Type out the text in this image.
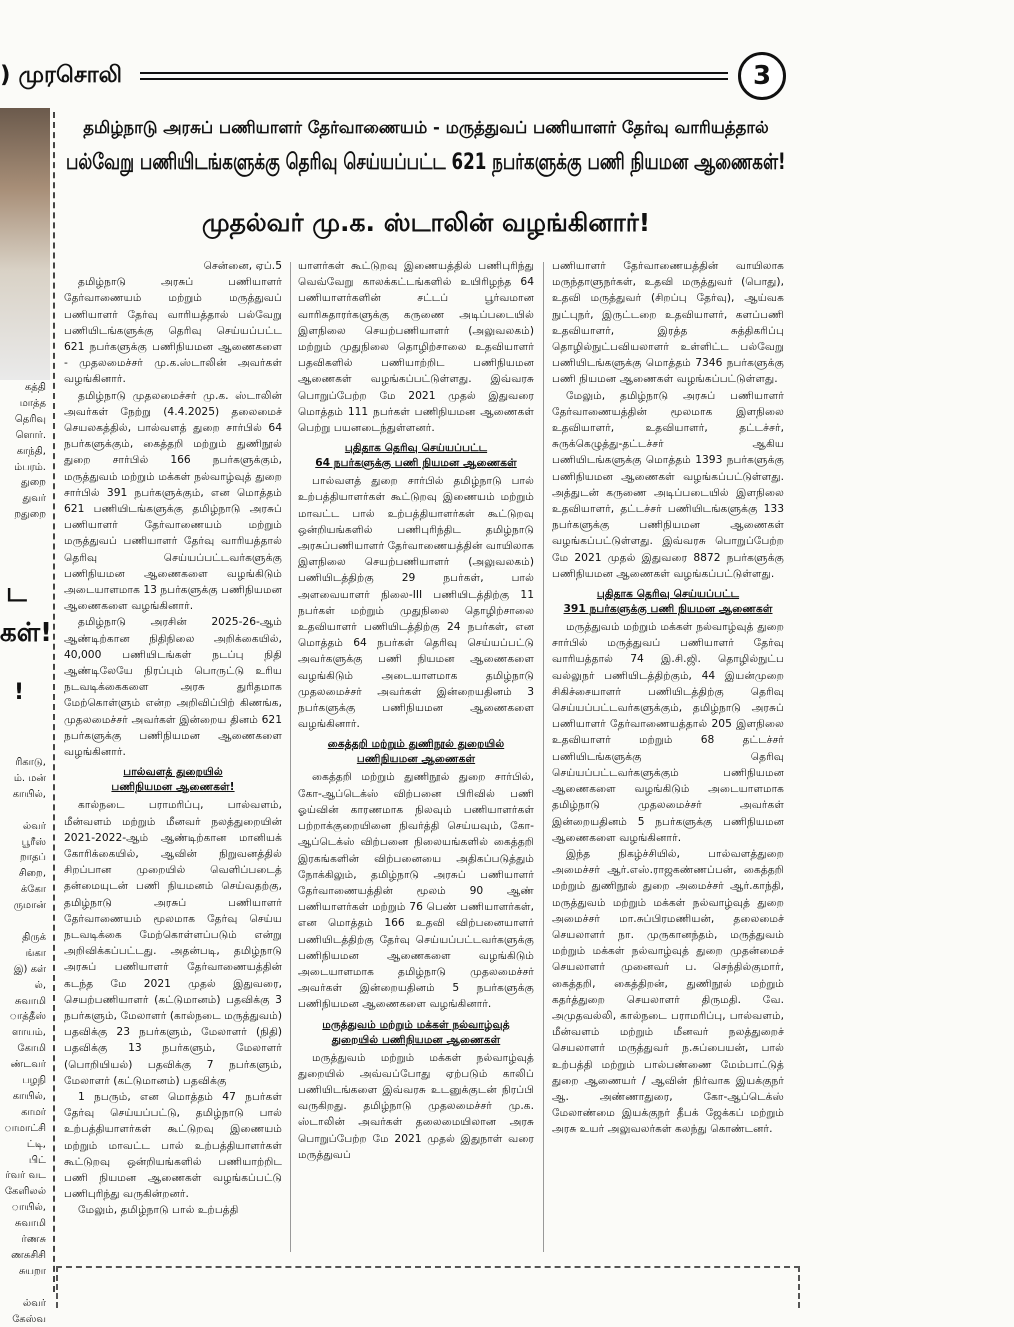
) முரசொலி	3
கத்தி
மாத்த
தெரிவு
ளொர்.
காந்தி,
ம்பரம்.
துறை
துவர்
றதுறை
ட
கள்!
!
ரிகாடு,
ம். மன்
காயில்,
ல்வர்
பூரீஸ்
றாதப்
சிறை,
க்கோ
ருமான்
திருக்
ங்கா
இ) கள்
ல்,
சுவாமி
ாத்தீஸ்
ளாயம்,
கோமி
ண்டவர்
பழநி
காயில்,
காமர்
ாமாட்சி
ட்டி,
பிட்
ர்வர் வட
கேளிலல்
ாயில்,
சுவாமி
ர்ணசு
ணசுசிசி
சுயறா
ல்வர்
கேஸ்வ
தமிழ்நாடு அரசுப் பணியாளர் தேர்வாணையம் - மருத்துவப் பணியாளர் தேர்வு வாரியத்தால்
பல்வேறு பணியிடங்களுக்கு தெரிவு செய்யப்பட்ட 621 நபர்களுக்கு பணி நியமன ஆணைகள்!
முதல்வர் மு.க. ஸ்டாலின் வழங்கினார்!

சென்னை, ஏப்.5

தமிழ்நாடு அரசுப் பணியாளர் தேர்வாணையம் மற்றும் மருத்துவப் பணியாளர் தேர்வு வாரியத்தால் பல்வேறு பணியிடங்களுக்கு தெரிவு செய்யப்பட்ட 621 நபர்களுக்கு பணிநியமன ஆணைகளை - முதலமைச்சர் மு.க.ஸ்டாலின் அவர்கள் வழங்கினார்.

தமிழ்நாடு முதலமைச்சர் மு.க. ஸ்டாலின் அவர்கள் நேற்று (4.4.2025) தலைமைச் செயலகத்தில், பால்வளத் துறை சார்பில் 64 நபர்களுக்கும், கைத்தறி மற்றும் துணிநூல் துறை சார்பில் 166 நபர்களுக்கும், மருத்துவம் மற்றும் மக்கள் நல்வாழ்வுத் துறை சார்பில் 391 நபர்களுக்கும், என மொத்தம் 621 பணியிடங்களுக்கு தமிழ்நாடு அரசுப் பணியாளர் தேர்வாணையம் மற்றும் மருத்துவப் பணியாளர் தேர்வு வாரியத்தால் தெரிவு செய்யப்பட்டவர்களுக்கு பணிநியமன ஆணைகளை வழங்கிடும் அடையாளமாக 13 நபர்களுக்கு பணிநியமன ஆணைகளை வழங்கினார்.

தமிழ்நாடு அரசின் 2025-26-ஆம் ஆண்டிற்கான நிதிநிலை அறிக்கையில், 40,000 பணியிடங்கள் நடப்பு நிதி ஆண்டிலேயே நிரப்பும் பொருட்டு உரிய நடவடிக்கைகளை அரசு துரிதமாக மேற்கொள்ளும் என்ற அறிவிப்பிற் கிணங்க, முதலமைச்சர் அவர்கள் இன்றைய தினம் 621 நபர்களுக்கு பணிநியமன ஆணைகளை வழங்கினார்.

பால்வளத் துறையில்
பணிநியமன ஆணைகள்!

கால்நடை பராமரிப்பு, பால்வளம், மீன்வளம் மற்றும் மீனவர் நலத்துறையின் 2021-2022-ஆம் ஆண்டிற்கான மானியக் கோரிக்கையில், ஆவின் நிறுவனத்தில் சிறப்பான முறையில் வெளிப்படைத் தன்மையுடன் பணி நியமனம் செய்வதற்கு, தமிழ்நாடு அரசுப் பணியாளர் தேர்வாணையம் மூலமாக தேர்வு செய்ய நடவடிக்கை மேற்கொள்ளப்படும் என்று அறிவிக்கப்பட்டது. அதன்படி, தமிழ்நாடு அரசுப் பணியாளர் தேர்வாணையத்தின் கடந்த மே 2021 முதல் இதுவரை, செயற்பணியாளர் (கட்டுமானம்) பதவிக்கு 3 நபர்களும், மேலாளர் (கால்நடை மருத்துவம்) பதவிக்கு 23 நபர்களும், மேலாளர் (நிதி) பதவிக்கு 13 நபர்களும், மேலாளர் (பொறியியல்) பதவிக்கு 7 நபர்களும், மேலாளர் (கட்டுமானம்) பதவிக்கு

1 நபரும், என மொத்தம் 47 நபர்கள் தேர்வு செய்யப்பட்டு, தமிழ்நாடு பால் உற்பத்தியாளர்கள் கூட்டுறவு இணையம் மற்றும் மாவட்ட பால் உற்பத்தியாளர்கள் கூட்டுறவு ஒன்றியங்களில் பணியாற்றிட பணி நியமன ஆணைகள் வழங்கப்பட்டு பணிபுரிந்து வருகின்றனர்.

மேலும், தமிழ்நாடு பால் உற்பத்தி

யாளர்கள் கூட்டுறவு இணையத்தில் பணிபுரிந்து வெவ்வேறு காலக்கட்டங்களில் உயிரிழந்த 64 பணியாளர்களின் சட்டப் பூர்வமான வாரிசுதாரர்களுக்கு கருணை அடிப்படையில் இளநிலை செயற்பணியாளர் (அலுவலகம்) மற்றும் முதுநிலை தொழிற்சாலை உதவியாளர் பதவிகளில் பணியாற்றிட பணிநியமன ஆணைகள் வழங்கப்பட்டுள்ளது. இவ்வரசு பொறுப்பேற்ற மே 2021 முதல் இதுவரை மொத்தம் 111 நபர்கள் பணிநியமன ஆணைகள் பெற்று பயனடைந்துள்ளனர்.

புதிதாக தெரிவு செய்யப்பட்ட
64 நபர்களுக்கு பணி நியமன ஆணைகள்

பால்வளத் துறை சார்பில் தமிழ்நாடு பால் உற்பத்தியாளர்கள் கூட்டுறவு இணையம் மற்றும் மாவட்ட பால் உற்பத்தியாளர்கள் கூட்டுறவு ஒன்றியங்களில் பணிபுரிந்திட தமிழ்நாடு அரசுப்பணியாளர் தேர்வாணையத்தின் வாயிலாக இளநிலை செயற்பணியாளர் (அலுவலகம்) பணியிடத்திற்கு 29 நபர்கள், பால் அளவையாளர் நிலை-III பணியிடத்திற்கு 11 நபர்கள் மற்றும் முதுநிலை தொழிற்சாலை உதவியாளர் பணியிடத்திற்கு 24 நபர்கள், என மொத்தம் 64 நபர்கள் தெரிவு செய்யப்பட்டு அவர்களுக்கு பணி நியமன ஆணைகளை வழங்கிடும் அடையாளமாக தமிழ்நாடு முதலமைச்சர் அவர்கள் இன்றையதினம் 3 நபர்களுக்கு பணிநியமன ஆணைகளை வழங்கினார்.

கைத்தறி மற்றும் துணிநூல் துறையில்
பணிநியமன ஆணைகள்

கைத்தறி மற்றும் துணிநூல் துறை சார்பில், கோ-ஆப்டெக்ஸ் விற்பனை பிரிவில் பணி ஓய்வின் காரணமாக நிலவும் பணியாளர்கள் பற்றாக்குறையினை நிவர்த்தி செய்யவும், கோ-ஆப்டெக்ஸ் விற்பனை நிலையங்களில் கைத்தறி இரகங்களின் விற்பனையை அதிகப்படுத்தும் நோக்கிலும், தமிழ்நாடு அரசுப் பணியாளர் தேர்வாணையத்தின் மூலம் 90 ஆண் பணியாளர்கள் மற்றும் 76 பெண் பணியாளர்கள், என மொத்தம் 166 உதவி விற்பனையாளர் பணியிடத்திற்கு தேர்வு செய்யப்பட்டவர்களுக்கு பணிநியமன ஆணைகளை வழங்கிடும் அடையாளமாக தமிழ்நாடு முதலமைச்சர் அவர்கள் இன்றையதினம் 5 நபர்களுக்கு பணிநியமன ஆணைகளை வழங்கினார்.

மருத்துவம் மற்றும் மக்கள் நல்வாழ்வுத்
துறையில் பணிநியமன ஆணைகள்

மருத்துவம் மற்றும் மக்கள் நல்வாழ்வுத் துறையில் அவ்வப்போது ஏற்படும் காலிப் பணியிடங்களை இவ்வரசு உடனுக்குடன் நிரப்பி வருகிறது. தமிழ்நாடு முதலமைச்சர் மு.க. ஸ்டாலின் அவர்கள் தலைமையிலான அரசு பொறுப்பேற்ற மே 2021 முதல் இதுநாள் வரை மருத்துவப்

பணியாளர் தேர்வாணையத்தின் வாயிலாக மருந்தாளுநர்கள், உதவி மருத்துவர் (பொது), உதவி மருத்துவர் (சிறப்பு தேர்வு), ஆய்வக நுட்புநர், இருட்டறை உதவியாளர், களப்பணி உதவியாளர், இரத்த சுத்திகரிப்பு தொழில்நுட்பவியலாளர் உள்ளிட்ட பல்வேறு பணியிடங்களுக்கு மொத்தம் 7346 நபர்களுக்கு பணி நியமன ஆணைகள் வழங்கப்பட்டுள்ளது.

மேலும், தமிழ்நாடு அரசுப் பணியாளர் தேர்வாணையத்தின் மூலமாக இளநிலை உதவியாளர், உதவியாளர், தட்டச்சர், சுருக்கெழுத்து-தட்டச்சர் ஆகிய பணியிடங்களுக்கு மொத்தம் 1393 நபர்களுக்கு பணிநியமன ஆணைகள் வழங்கப்பட்டுள்ளது. அத்துடன் கருணை அடிப்படையில் இளநிலை உதவியாளர், தட்டச்சர் பணியிடங்களுக்கு 133 நபர்களுக்கு பணிநியமன ஆணைகள் வழங்கப்பட்டுள்ளது. இவ்வரசு பொறுப்பேற்ற மே 2021 முதல் இதுவரை 8872 நபர்களுக்கு பணிநியமன ஆணைகள் வழங்கப்பட்டுள்ளது.

புதிதாக தெரிவு செய்யப்பட்ட
391 நபர்களுக்கு பணி நியமன ஆணைகள்

மருத்துவம் மற்றும் மக்கள் நல்வாழ்வுத் துறை சார்பில் மருத்துவப் பணியாளர் தேர்வு வாரியத்தால் 74 இ.சி.ஜி. தொழில்நுட்ப வல்லுநர் பணியிடத்திற்கும், 44 இயன்முறை சிகிச்சையாளர் பணியிடத்திற்கு தெரிவு செய்யப்பட்டவர்களுக்கும், தமிழ்நாடு அரசுப் பணியாளர் தேர்வாணையத்தால் 205 இளநிலை உதவியாளர் மற்றும் 68 தட்டச்சர் பணியிடங்களுக்கு தெரிவு செய்யப்பட்டவர்களுக்கும் பணிநியமன ஆணைகளை வழங்கிடும் அடையாளமாக தமிழ்நாடு முதலமைச்சர் அவர்கள் இன்றையதினம் 5 நபர்களுக்கு பணிநியமன ஆணைகளை வழங்கினார்.

இந்த நிகழ்ச்சியில், பால்வளத்துறை அமைச்சர் ஆர்.எஸ்.ராஜகண்ணப்பன், கைத்தறி மற்றும் துணிநூல் துறை அமைச்சர் ஆர்.காந்தி, மருத்துவம் மற்றும் மக்கள் நல்வாழ்வுத் துறை அமைச்சர் மா.சுப்பிரமணியன், தலைமைச் செயலாளர் நா. முருகானந்தம், மருத்துவம் மற்றும் மக்கள் நல்வாழ்வுத் துறை முதன்மைச் செயலாளர் முனைவர் ப. செந்தில்குமார், கைத்தறி, கைத்திறன், துணிநூல் மற்றும் கதர்த்துறை செயலாளர் திருமதி. வே. அமுதவல்லி, கால்நடை பராமரிப்பு, பால்வளம், மீன்வளம் மற்றும் மீனவர் நலத்துறைச் செயலாளர் மருத்துவர் ந.சுப்பையன், பால் உற்பத்தி மற்றும் பால்பண்ணை மேம்பாட்டுத் துறை ஆணையர் / ஆவின் நிர்வாக இயக்குநர் ஆ. அண்ணாதுரை, கோ-ஆப்டெக்ஸ் மேலாண்மை இயக்குநர் தீபக் ஜேக்கப் மற்றும் அரசு உயர் அலுவலர்கள் கலந்து கொண்டனர்.
